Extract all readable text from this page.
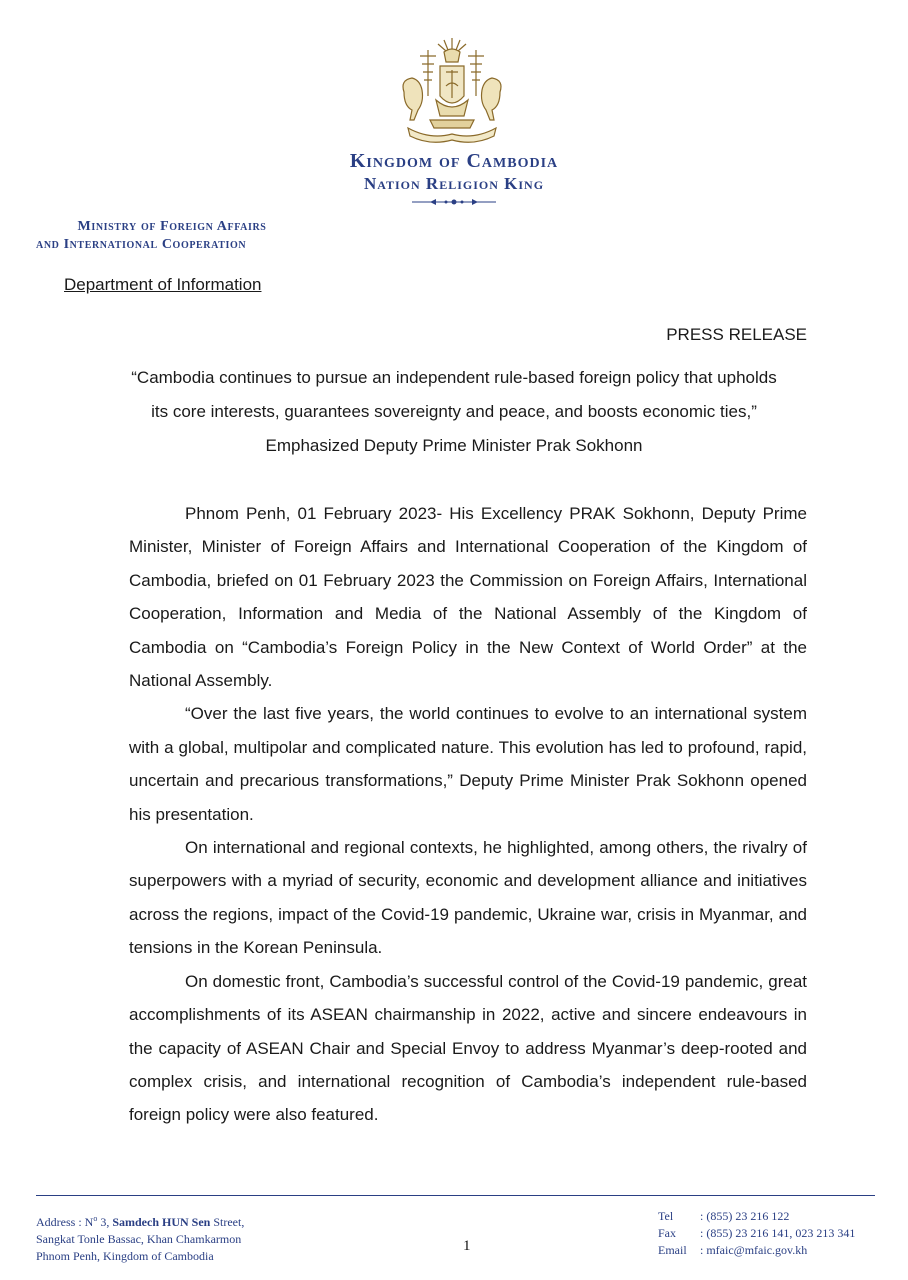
Kingdom of Cambodia
Nation Religion King
Ministry of Foreign Affairs
and International Cooperation
Department of Information
PRESS RELEASE
“Cambodia continues to pursue an independent rule-based foreign policy that upholds
its core interests, guarantees sovereignty and peace, and boosts economic ties,”
Emphasized Deputy Prime Minister Prak Sokhonn

Phnom Penh, 01 February 2023- His Excellency PRAK Sokhonn, Deputy Prime Minister, Minister of Foreign Affairs and International Cooperation of the Kingdom of Cambodia, briefed on 01 February 2023 the Commission on Foreign Affairs, International Cooperation, Information and Media of the National Assembly of the Kingdom of Cambodia on “Cambodia’s Foreign Policy in the New Context of World Order” at the National Assembly.

“Over the last five years, the world continues to evolve to an international system with a global, multipolar and complicated nature. This evolution has led to profound, rapid, uncertain and precarious transformations,” Deputy Prime Minister Prak Sokhonn opened his presentation.

On international and regional contexts, he highlighted, among others, the rivalry of superpowers with a myriad of security, economic and development alliance and initiatives across the regions, impact of the Covid-19 pandemic, Ukraine war, crisis in Myanmar, and tensions in the Korean Peninsula.

On domestic front, Cambodia’s successful control of the Covid-19 pandemic, great accomplishments of its ASEAN chairmanship in 2022, active and sincere endeavours in the capacity of ASEAN Chair and Special Envoy to address Myanmar’s deep-rooted and complex crisis, and international recognition of Cambodia’s independent rule-based foreign policy were also featured.

Address : $N^o$ 3, Samdech HUN Sen Street,
Sangkat Tonle Bassac, Khan Chamkarmon
Phnom Penh, Kingdom of Cambodia
1
Tel : (855) 23 216 122
Fax : (855) 23 216 141, 023 213 341
Email : mfaic@mfaic.gov.kh
